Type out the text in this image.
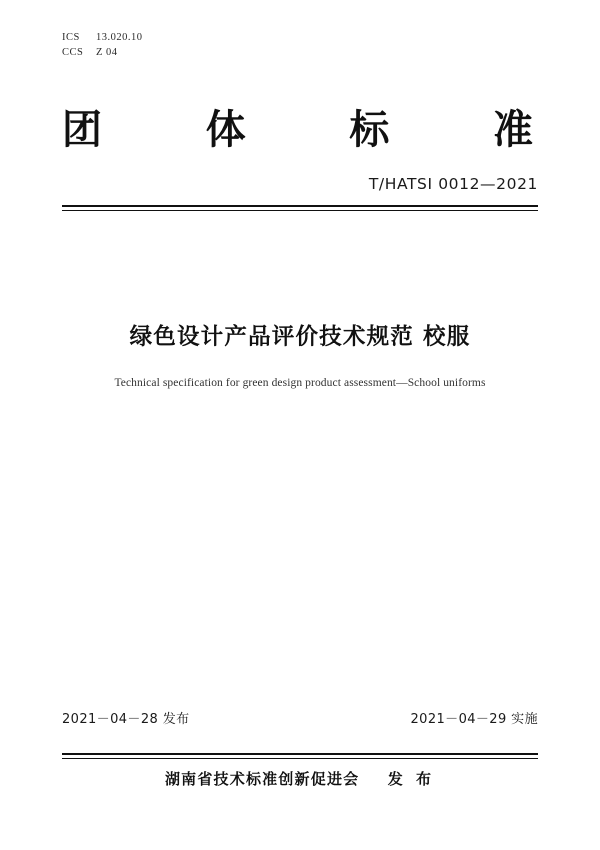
ICS	13.020.10
CCS Z 04
团	体	标	准
T/HATSI 0012—2021
绿色设计产品评价技术规范 校服
Technical specification for green design product assessment—School uniforms
2021－04－28 发布	2021－04－29 实施
湖南省技术标准创新促进会 发 布
